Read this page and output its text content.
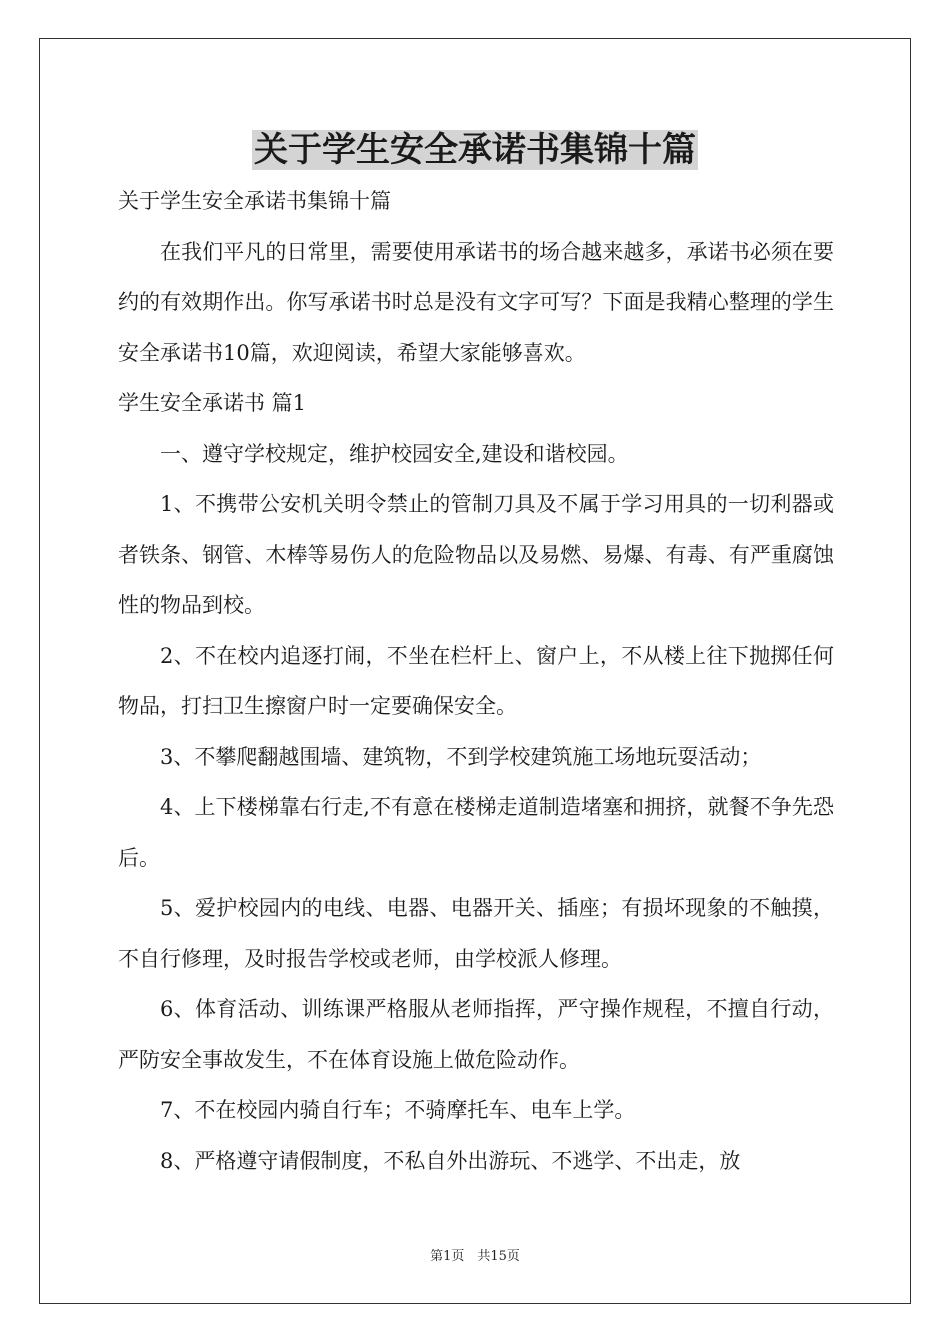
关于学生安全承诺书集锦十篇

关于学生安全承诺书集锦十篇

在我们平凡的日常里，需要使用承诺书的场合越来越多，承诺书必须在要约的有效期作出。你写承诺书时总是没有文字可写？下面是我精心整理的学生安全承诺书10篇，欢迎阅读，希望大家能够喜欢。

学生安全承诺书 篇1

一、遵守学校规定，维护校园安全,建设和谐校园。

1、不携带公安机关明令禁止的管制刀具及不属于学习用具的一切利器或者铁条、钢管、木棒等易伤人的危险物品以及易燃、易爆、有毒、有严重腐蚀性的物品到校。

2、不在校内追逐打闹，不坐在栏杆上、窗户上，不从楼上往下抛掷任何物品，打扫卫生擦窗户时一定要确保安全。

3、不攀爬翻越围墙、建筑物，不到学校建筑施工场地玩耍活动；

4、上下楼梯靠右行走,不有意在楼梯走道制造堵塞和拥挤，就餐不争先恐后。

5、爱护校园内的电线、电器、电器开关、插座；有损坏现象的不触摸，不自行修理，及时报告学校或老师，由学校派人修理。

6、体育活动、训练课严格服从老师指挥，严守操作规程，不擅自行动，严防安全事故发生，不在体育设施上做危险动作。

7、不在校园内骑自行车；不骑摩托车、电车上学。

8、严格遵守请假制度，不私自外出游玩、不逃学、不出走，放

第1页　共15页
